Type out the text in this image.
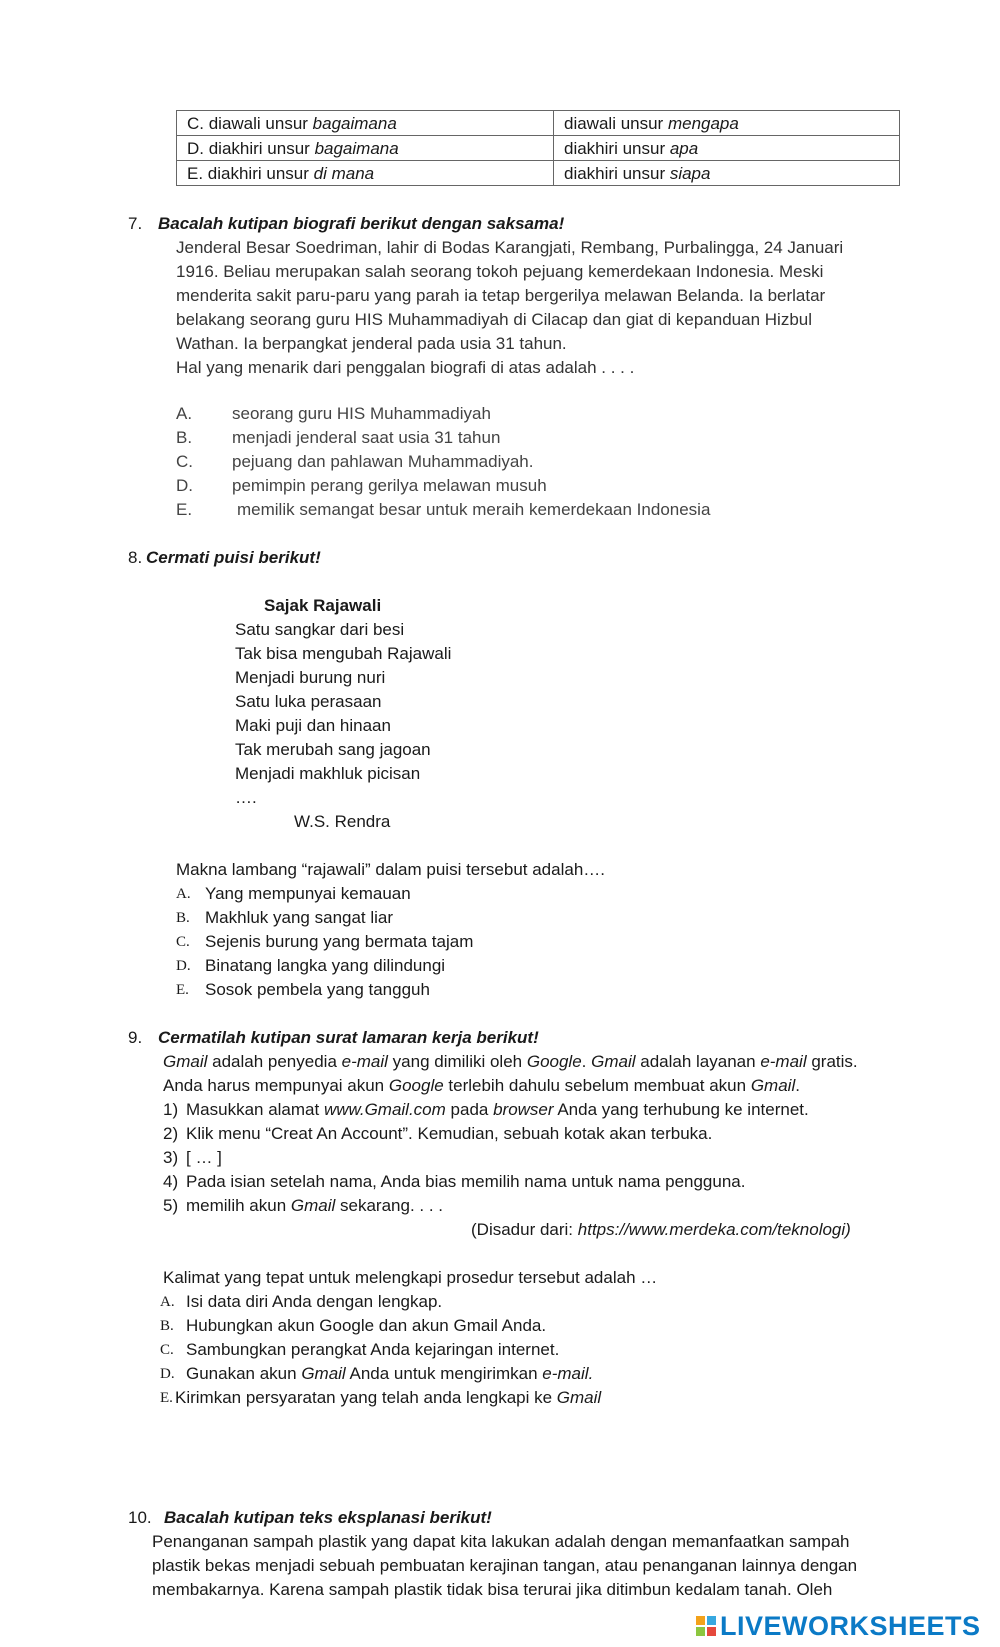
C. diawali unsur bagaimana	diawali unsur mengapa
D. diakhiri unsur bagaimana	diakhiri unsur apa
E. diakhiri unsur di mana	diakhiri unsur siapa
7. Bacalah kutipan biografi berikut dengan saksama!

Jenderal Besar Soedriman, lahir di Bodas Karangjati, Rembang, Purbalingga, 24 Januari

1916. Beliau merupakan salah seorang tokoh pejuang kemerdekaan Indonesia. Meski

menderita sakit paru-paru yang parah ia tetap bergerilya melawan Belanda. Ia berlatar

belakang seorang guru HIS Muhammadiyah di Cilacap dan giat di kepanduan Hizbul

Wathan. Ia berpangkat jenderal pada usia 31 tahun.

Hal yang menarik dari penggalan biografi di atas adalah . . . .

A. seorang guru HIS Muhammadiyah
B. menjadi jenderal saat usia 31 tahun
C. pejuang dan pahlawan Muhammadiyah.
D. pemimpin perang gerilya melawan musuh
E.	memilik semangat besar untuk meraih kemerdekaan Indonesia
8. Cermati puisi berikut!
Sajak Rajawali
Satu sangkar dari besi
Tak bisa mengubah Rajawali
Menjadi burung nuri
Satu luka perasaan
Maki puji dan hinaan
Tak merubah sang jagoan
Menjadi makhluk picisan
….
W.S. Rendra
Makna lambang “rajawali” dalam puisi tersebut adalah….
A. Yang mempunyai kemauan
B. Makhluk yang sangat liar
C. Sejenis burung yang bermata tajam
D. Binatang langka yang dilindungi
E. Sosok pembela yang tangguh
9. Cermatilah kutipan surat lamaran kerja berikut!
Gmail adalah penyedia e-mail yang dimiliki oleh Google. Gmail adalah layanan e-mail gratis.
Anda harus mempunyai akun Google terlebih dahulu sebelum membuat akun Gmail.
1) Masukkan alamat www.Gmail.com pada browser Anda yang terhubung ke internet.
2) Klik menu “Creat An Account”. Kemudian, sebuah kotak akan terbuka.
3) [ … ]
4) Pada isian setelah nama, Anda bias memilih nama untuk nama pengguna.
5) memilih akun Gmail sekarang. . . .
(Disadur dari: https://www.merdeka.com/teknologi)
Kalimat yang tepat untuk melengkapi prosedur tersebut adalah …
A. Isi data diri Anda dengan lengkap.
B. Hubungkan akun Google dan akun Gmail Anda.
C. Sambungkan perangkat Anda kejaringan internet.
D. Gunakan akun Gmail Anda untuk mengirimkan e-mail.
E. Kirimkan persyaratan yang telah anda lengkapi ke Gmail
10. Bacalah kutipan teks eksplanasi berikut!
Penanganan sampah plastik yang dapat kita lakukan adalah dengan memanfaatkan sampah
plastik bekas menjadi sebuah pembuatan kerajinan tangan, atau penanganan lainnya dengan
membakarnya. Karena sampah plastik tidak bisa terurai jika ditimbun kedalam tanah. Oleh
LIVEWORKSHEETS
